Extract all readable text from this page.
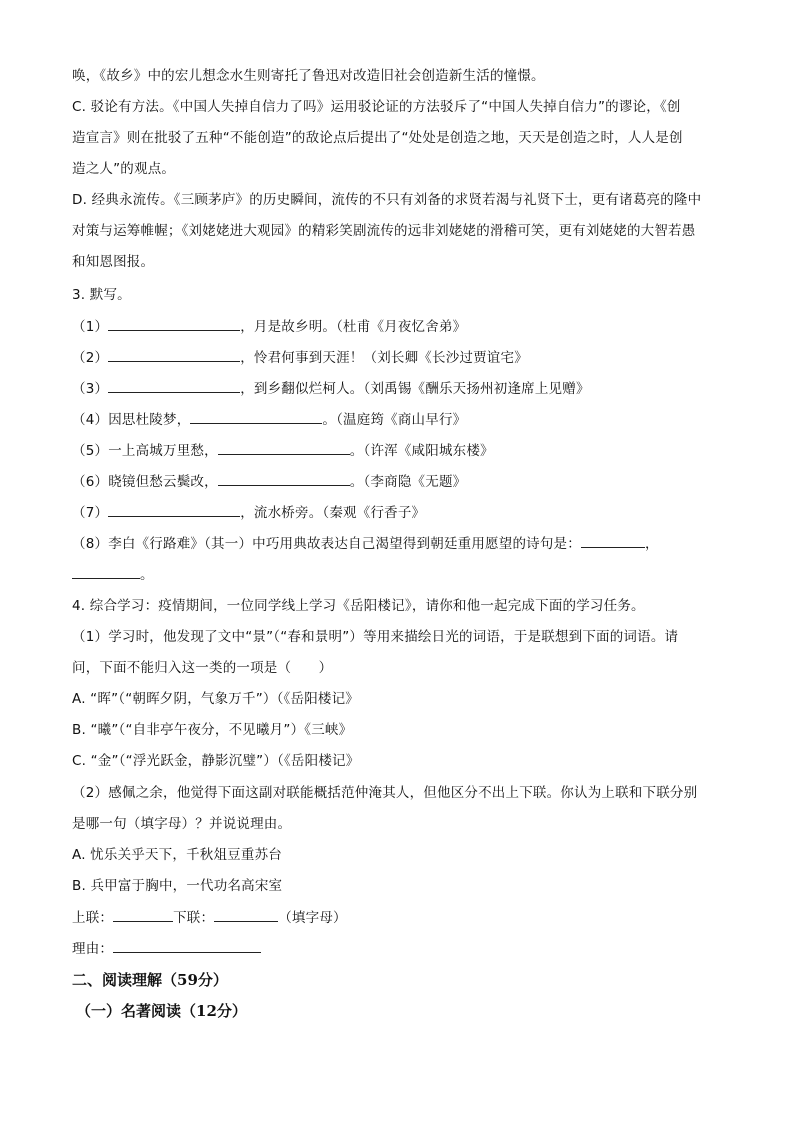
唤，《故乡》中的宏儿想念水生则寄托了鲁迅对改造旧社会创造新生活的憧憬。
C. 驳论有方法。《中国人失掉自信力了吗》运用驳论证的方法驳斥了“中国人失掉自信力”的谬论，《创
造宣言》则在批驳了五种“不能创造”的敌论点后提出了“处处是创造之地，天天是创造之时，人人是创
造之人”的观点。
D. 经典永流传。《三顾茅庐》的历史瞬间，流传的不只有刘备的求贤若渴与礼贤下士，更有诸葛亮的隆中
对策与运筹帷幄；《刘姥姥进大观园》的精彩笑剧流传的远非刘姥姥的滑稽可笑，更有刘姥姥的大智若愚
和知恩图报。
3. 默写。
（1）	，月是故乡明。（杜甫《月夜忆舍弟》
（2）	，怜君何事到天涯！（刘长卿《长沙过贾谊宅》
（3）	，到乡翻似烂柯人。（刘禹锡《酬乐天扬州初逢席上见赠》
（4）因思杜陵梦，	。（温庭筠《商山早行》
（5）一上高城万里愁，	。（许浑《咸阳城东楼》
（6）晓镜但愁云鬓改，	。（李商隐《无题》
（7）	，流水桥旁。（秦观《行香子》
（8）李白《行路难》（其一）中巧用典故表达自己渴望得到朝廷重用愿望的诗句是：	，
。
4. 综合学习：疫情期间，一位同学线上学习《岳阳楼记》，请你和他一起完成下面的学习任务。
（1）学习时，他发现了文中“景”（“春和景明”）等用来描绘日光的词语，于是联想到下面的词语。请
问，下面不能归入这一类的一项是（　　）
A. “晖”（“朝晖夕阴，气象万千”）（《岳阳楼记》
B. “曦”（“自非亭午夜分，不见曦月”）《三峡》
C. “金”（“浮光跃金，静影沉璧”）（《岳阳楼记》
（2）感佩之余，他觉得下面这副对联能概括范仲淹其人，但他区分不出上下联。你认为上联和下联分别
是哪一句（填字母）？并说说理由。
A. 忧乐关乎天下，千秋俎豆重苏台
B. 兵甲富于胸中，一代功名高宋室
上联：	下联：	（填字母）
理由：
二、阅读理解（59分）
（一）名著阅读（12分）
